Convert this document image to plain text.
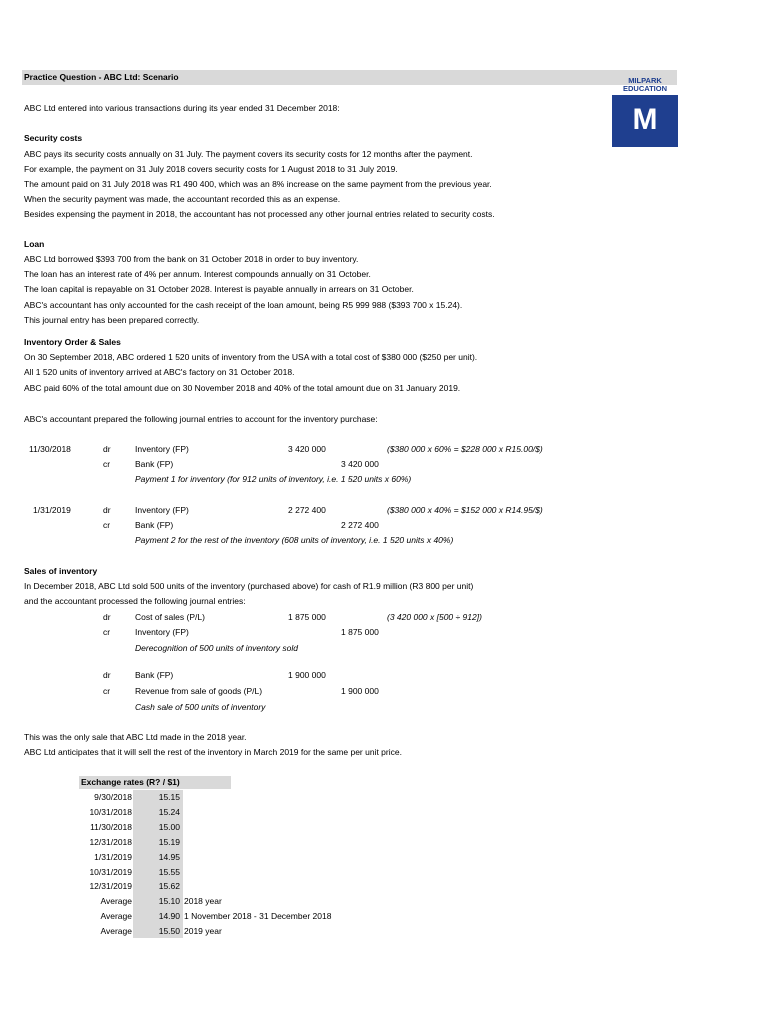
Practice Question - ABC Ltd: Scenario	MILPARK
EDUCATION
M
ABC Ltd entered into various transactions during its year ended 31 December 2018:
Security costs
ABC pays its security costs annually on 31 July. The payment covers its security costs for 12 months after the payment.
For example, the payment on 31 July 2018 covers security costs for 1 August 2018 to 31 July 2019.
The amount paid on 31 July 2018 was R1 490 400, which was an 8% increase on the same payment from the previous year.
When the security payment was made, the accountant recorded this as an expense.
Besides expensing the payment in 2018, the accountant has not processed any other journal entries related to security costs.
Loan
ABC Ltd borrowed $393 700 from the bank on 31 October 2018 in order to buy inventory.
The loan has an interest rate of 4% per annum. Interest compounds annually on 31 October.
The loan capital is repayable on 31 October 2028. Interest is payable annually in arrears on 31 October.
ABC's accountant has only accounted for the cash receipt of the loan amount, being R5 999 988 ($393 700 x 15.24).
This journal entry has been prepared correctly.
Inventory Order & Sales
On 30 September 2018, ABC ordered 1 520 units of inventory from the USA with a total cost of $380 000 ($250 per unit).
All 1 520 units of inventory arrived at ABC's factory on 31 October 2018.
ABC paid 60% of the total amount due on 30 November 2018 and 40% of the total amount due on 31 January 2019.
ABC's accountant prepared the following journal entries to account for the inventory purchase:
11/30/2018	dr	Inventory (FP)	3 420 000	($380 000 x 60% = $228 000 x R15.00/$)
cr	Bank (FP)	3 420 000
Payment 1 for inventory (for 912 units of inventory, i.e. 1 520 units x 60%)
1/31/2019	dr	Inventory (FP)	2 272 400	($380 000 x 40% = $152 000 x R14.95/$)
cr	Bank (FP)	2 272 400
Payment 2 for the rest of the inventory (608 units of inventory, i.e. 1 520 units x 40%)
Sales of inventory
In December 2018, ABC Ltd sold 500 units of the inventory (purchased above) for cash of R1.9 million (R3 800 per unit)
and the accountant processed the following journal entries:
dr	Cost of sales (P/L)	1 875 000	(3 420 000 x [500 ÷ 912])
cr	Inventory (FP)	1 875 000
Derecognition of 500 units of inventory sold
dr	Bank (FP)	1 900 000
cr	Revenue from sale of goods (P/L)	1 900 000
Cash sale of 500 units of inventory
This was the only sale that ABC Ltd made in the 2018 year.
ABC Ltd anticipates that it will sell the rest of the inventory in March 2019 for the same per unit price.
Exchange rates (R? / $1)
9/30/2018	15.15
10/31/2018	15.24
11/30/2018	15.00
12/31/2018	15.19
1/31/2019	14.95
10/31/2019	15.55
12/31/2019	15.62
Average	15.10 2018 year
Average	14.90 1 November 2018 - 31 December 2018
Average	15.50 2019 year
